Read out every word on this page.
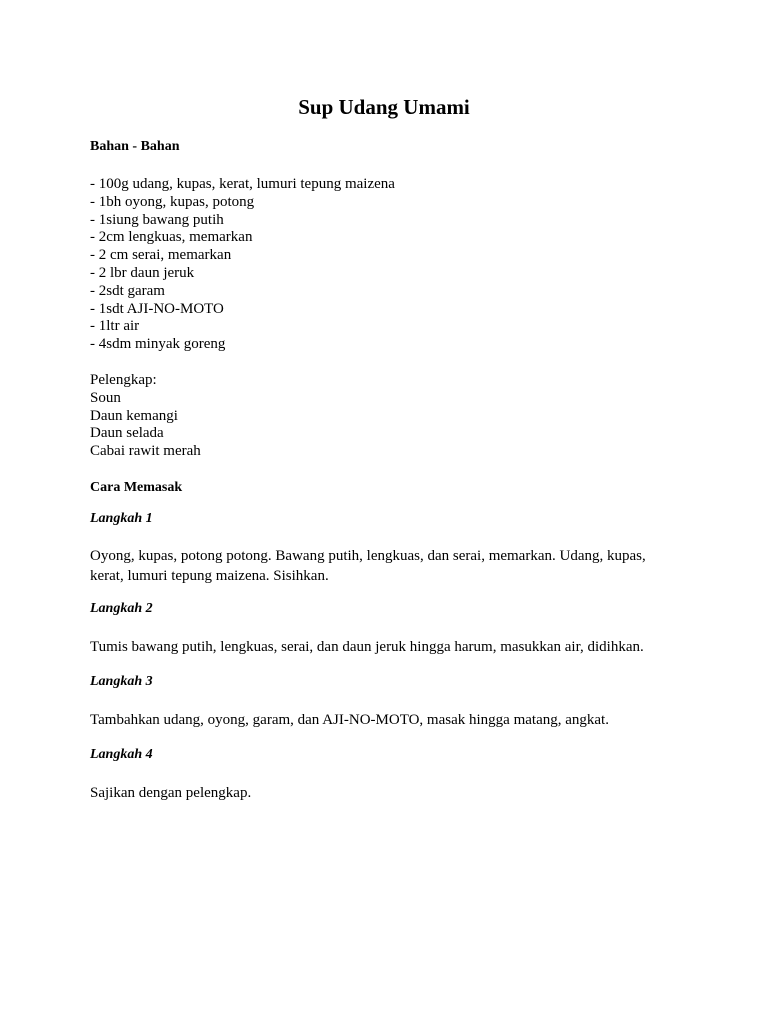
Sup Udang Umami
Bahan - Bahan
- 100g udang, kupas, kerat, lumuri tepung maizena
- 1bh oyong, kupas, potong
- 1siung bawang putih
- 2cm lengkuas, memarkan
- 2 cm serai, memarkan
- 2 lbr daun jeruk
- 2sdt garam
- 1sdt AJI-NO-MOTO
- 1ltr air
- 4sdm minyak goreng
Pelengkap:
Soun
Daun kemangi
Daun selada
Cabai rawit merah
Cara Memasak
Langkah 1

Oyong, kupas, potong potong. Bawang putih, lengkuas, dan serai, memarkan. Udang, kupas, kerat, lumuri tepung maizena. Sisihkan.

Langkah 2

Tumis bawang putih, lengkuas, serai, dan daun jeruk hingga harum, masukkan air, didihkan.

Langkah 3

Tambahkan udang, oyong, garam, dan AJI-NO-MOTO, masak hingga matang, angkat.

Langkah 4

Sajikan dengan pelengkap.
